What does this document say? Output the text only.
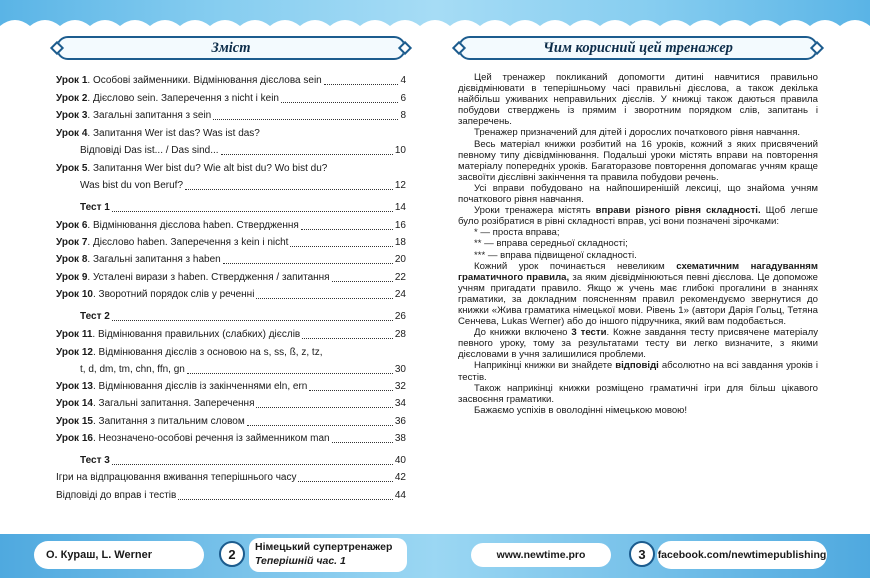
Зміст
Урок 1. Особові займенники. Відмінювання дієслова sein	4
Урок 2. Дієслово sein. Заперечення з nicht і kein	6
Урок 3. Загальні запитання з sein	8
Урок 4. Запитання Wer ist das? Was ist das?
Відповіді Das ist... / Das sind...	10
Урок 5. Запитання Wer bist du? Wie alt bist du? Wo bist du?
Was bist du von Beruf?	12
Тест 1	14
Урок 6. Відмінювання дієслова haben. Ствердження	16
Урок 7. Дієслово haben. Заперечення з kein і nicht	18
Урок 8. Загальні запитання з haben	20
Урок 9. Усталені вирази з haben. Ствердження / запитання	22
Урок 10. Зворотний порядок слів у реченні	24
Тест 2	26
Урок 11. Відмінювання правильних (слабких) дієслів	28
Урок 12. Відмінювання дієслів з основою на s, ss, ß, z, tz,
t, d, dm, tm, chn, ffn, gn	30
Урок 13. Відмінювання дієслів із закінченнями eln, ern	32
Урок 14. Загальні запитання. Заперечення	34
Урок 15. Запитання з питальним словом	36
Урок 16. Неозначено-особові речення із займенником man	38
Тест 3	40
Ігри на відпрацювання вживання теперішнього часу	42
Відповіді до вправ і тестів	44
Чим корисний цей тренажер

Цей тренажер покликаний допомогти дитині навчитися правильно дієвідмінювати в теперішньому часі правильні дієслова, а також декілька найбільш уживаних неправильних дієслів. У книжці також даються правила побудови стверджень із прямим і зворотним порядком слів, запитань і заперечень.

Тренажер призначений для дітей і дорослих початкового рівня навчання.

Весь матеріал книжки розбитий на 16 уроків, кожний з яких присвячений певному типу дієвідмінювання. Подальші уроки містять вправи на повторення матеріалу попередніх уроків. Багаторазове повторення допомагає учням краще засвоїти дієслівні закінчення та правила побудови речень.

Усі вправи побудовано на найпоширенішій лексиці, що знайома учням початкового рівня навчання.

Уроки тренажера містять вправи різного рівня складності. Щоб легше було розібратися в рівні складності вправ, усі вони позначені зірочками:

* — проста вправа;

** — вправа середньої складності;

*** — вправа підвищеної складності.

Кожний урок починається невеликим схематичним нагадуванням граматичного правила, за яким дієвідмінюються певні дієслова. Це допоможе учням пригадати правило. Якщо ж учень має глибокі прогалини в знаннях граматики, за докладним поясненням правил рекомендуємо звернутися до книжки «Жива граматика німецької мови. Рівень 1» (автори Дарія Гольц, Тетяна Сенчева, Lukas Werner) або до іншого підручника, який вам подобається.

До книжки включено 3 тести. Кожне завдання тесту присвячене матеріалу певного уроку, тому за результатами тесту ви легко визначите, з якими дієсловами в учня залишилися проблеми.

Наприкінці книжки ви знайдете відповіді абсолютно на всі завдання уроків і тестів.

Також наприкінці книжки розміщено граматичні ігри для більш цікавого засвоєння граматики.

Бажаємо успіхів в оволодінні німецькою мовою!

О. Кураш, L. Werner	2	Німецький супертренажер
Теперішній час. 1	www.newtime.pro	3	facebook.com/newtimepublishing
